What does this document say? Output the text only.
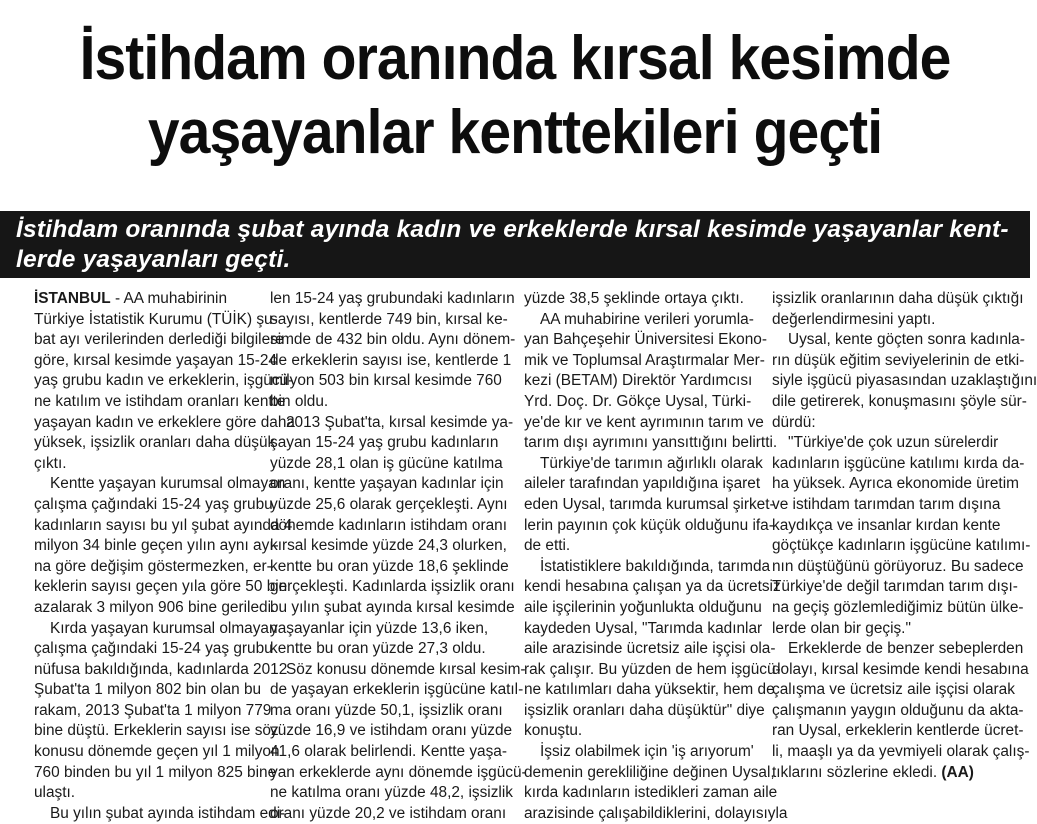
İstihdam oranında kırsal kesimde
yaşayanlar kenttekileri geçti
İstihdam oranında şubat ayında kadın ve erkeklerde kırsal kesimde yaşayanlar kent-
lerde yaşayanları geçti.
İSTANBUL - AA muhabirinin
Türkiye İstatistik Kurumu (TÜİK) şu-
bat ayı verilerinden derlediği bilgilere
göre, kırsal kesimde yaşayan 15-24
yaş grubu kadın ve erkeklerin, işgücü-
ne katılım ve istihdam oranları kentte
yaşayan kadın ve erkeklere göre daha
yüksek, işsizlik oranları daha düşük
çıktı.
Kentte yaşayan kurumsal olmayan
çalışma çağındaki 15-24 yaş grubu
kadınların sayısı bu yıl şubat ayında 4
milyon 34 binle geçen yılın aynı ayı-
na göre değişim göstermezken, er-
keklerin sayısı geçen yıla göre 50 bin
azalarak 3 milyon 906 bine geriledi.
Kırda yaşayan kurumsal olmayan
çalışma çağındaki 15-24 yaş grubu
nüfusa bakıldığında, kadınlarda 2012
Şubat'ta 1 milyon 802 bin olan bu
rakam, 2013 Şubat'ta 1 milyon 779
bine düştü. Erkeklerin sayısı ise söz
konusu dönemde geçen yıl 1 milyon
760 binden bu yıl 1 milyon 825 bine
ulaştı.
Bu yılın şubat ayında istihdam edi-
len 15-24 yaş grubundaki kadınların
sayısı, kentlerde 749 bin, kırsal ke-
simde de 432 bin oldu. Aynı dönem-
de erkeklerin sayısı ise, kentlerde 1
milyon 503 bin kırsal kesimde 760
bin oldu.
2013 Şubat'ta, kırsal kesimde ya-
şayan 15-24 yaş grubu kadınların
yüzde 28,1 olan iş gücüne katılma
oranı, kentte yaşayan kadınlar için
yüzde 25,6 olarak gerçekleşti. Aynı
dönemde kadınların istihdam oranı
kırsal kesimde yüzde 24,3 olurken,
kentte bu oran yüzde 18,6 şeklinde
gerçekleşti. Kadınlarda işsizlik oranı
bu yılın şubat ayında kırsal kesimde
yaşayanlar için yüzde 13,6 iken,
kentte bu oran yüzde 27,3 oldu.
Söz konusu dönemde kırsal kesim-
de yaşayan erkeklerin işgücüne katıl-
ma oranı yüzde 50,1, işsizlik oranı
yüzde 16,9 ve istihdam oranı yüzde
41,6 olarak belirlendi. Kentte yaşa-
yan erkeklerde aynı dönemde işgücü-
ne katılma oranı yüzde 48,2, işsizlik
oranı yüzde 20,2 ve istihdam oranı
yüzde 38,5 şeklinde ortaya çıktı.
AA muhabirine verileri yorumla-
yan Bahçeşehir Üniversitesi Ekono-
mik ve Toplumsal Araştırmalar Mer-
kezi (BETAM) Direktör Yardımcısı
Yrd. Doç. Dr. Gökçe Uysal, Türki-
ye'de kır ve kent ayrımının tarım ve
tarım dışı ayrımını yansıttığını belirtti.
Türkiye'de tarımın ağırlıklı olarak
aileler tarafından yapıldığına işaret
eden Uysal, tarımda kurumsal şirket-
lerin payının çok küçük olduğunu ifa-
de etti.
İstatistiklere bakıldığında, tarımda
kendi hesabına çalışan ya da ücretsiz
aile işçilerinin yoğunlukta olduğunu
kaydeden Uysal, "Tarımda kadınlar
aile arazisinde ücretsiz aile işçisi ola-
rak çalışır. Bu yüzden de hem işgücü-
ne katılımları daha yüksektir, hem de
işsizlik oranları daha düşüktür" diye
konuştu.
İşsiz olabilmek için 'iş arıyorum'
demenin gerekliliğine değinen Uysal,
kırda kadınların istedikleri zaman aile
arazisinde çalışabildiklerini, dolayısıyla
işsizlik oranlarının daha düşük çıktığı
değerlendirmesini yaptı.
Uysal, kente göçten sonra kadınla-
rın düşük eğitim seviyelerinin de etki-
siyle işgücü piyasasından uzaklaştığını
dile getirerek, konuşmasını şöyle sür-
dürdü:
"Türkiye'de çok uzun sürelerdir
kadınların işgücüne katılımı kırda da-
ha yüksek. Ayrıca ekonomide üretim
ve istihdam tarımdan tarım dışına
kaydıkça ve insanlar kırdan kente
göçtükçe kadınların işgücüne katılımı-
nın düştüğünü görüyoruz. Bu sadece
Türkiye'de değil tarımdan tarım dışı-
na geçiş gözlemlediğimiz bütün ülke-
lerde olan bir geçiş."
Erkeklerde de benzer sebeplerden
dolayı, kırsal kesimde kendi hesabına
çalışma ve ücretsiz aile işçisi olarak
çalışmanın yaygın olduğunu da akta-
ran Uysal, erkeklerin kentlerde ücret-
li, maaşlı ya da yevmiyeli olarak çalış-
tıklarını sözlerine ekledi. (AA)
